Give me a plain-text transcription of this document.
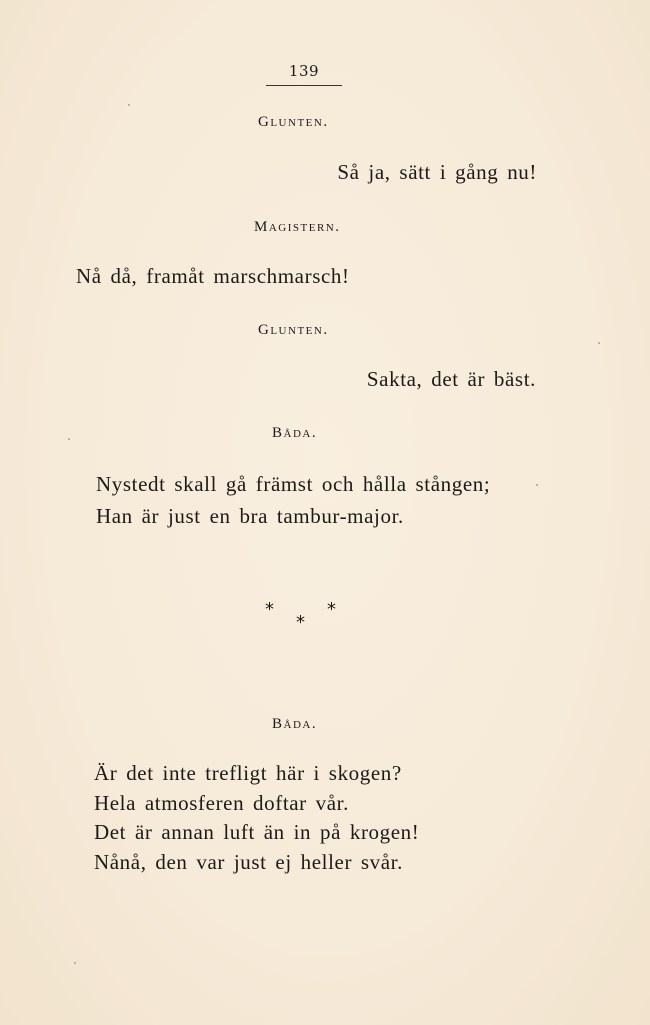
139
Glunten.
Så ja, sätt i gång nu!
Magistern.
Nå då, framåt marschmarsch!
Glunten.
Sakta, det är bäst.
Båda.
Nystedt skall gå främst och hålla stången;
Han är just en bra tambur-major.
*	*
*
Båda.
Är det inte trefligt här i skogen?
Hela atmosferen doftar vår.
Det är annan luft än in på krogen!
Nånå, den var just ej heller svår.
